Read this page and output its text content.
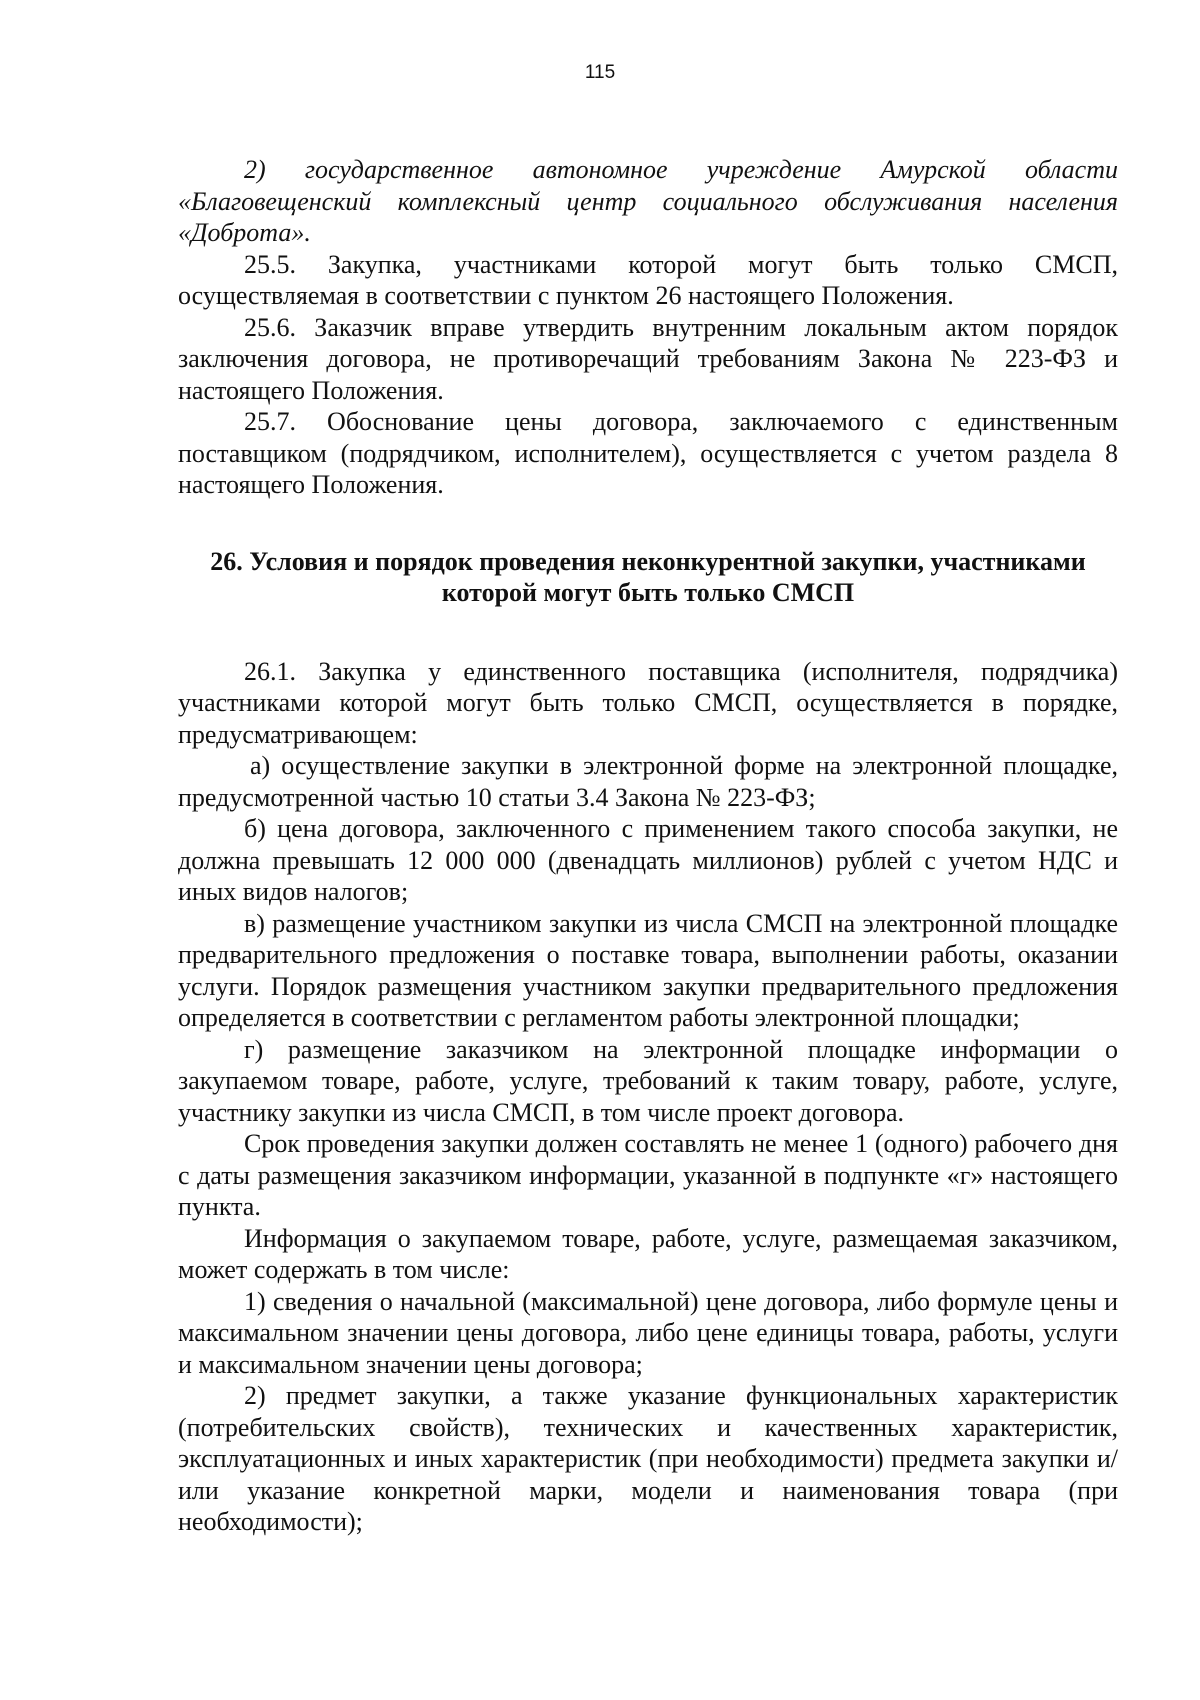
115

2) государственное автономное учреждение Амурской области «Благовещенский комплексный центр социального обслуживания населения «Доброта».

25.5. Закупка, участниками которой могут быть только СМСП, осуществляемая в соответствии с пунктом 26 настоящего Положения.

25.6. Заказчик вправе утвердить внутренним локальным актом порядок заключения договора, не противоречащий требованиям Закона № 223-ФЗ и настоящего Положения.

25.7. Обоснование цены договора, заключаемого с единственным поставщиком (подрядчиком, исполнителем), осуществляется с учетом раздела 8 настоящего Положения.

26. Условия и порядок проведения неконкурентной закупки, участниками которой могут быть только СМСП

26.1. Закупка у единственного поставщика (исполнителя, подрядчика) участниками которой могут быть только СМСП, осуществляется в порядке, предусматривающем:

а) осуществление закупки в электронной форме на электронной площадке, предусмотренной частью 10 статьи 3.4 Закона № 223-ФЗ;

б) цена договора, заключенного с применением такого способа закупки, не должна превышать 12 000 000 (двенадцать миллионов) рублей с учетом НДС и иных видов налогов;

в) размещение участником закупки из числа СМСП на электронной площадке предварительного предложения о поставке товара, выполнении работы, оказании услуги. Порядок размещения участником закупки предварительного предложения определяется в соответствии с регламентом работы электронной площадки;

г) размещение заказчиком на электронной площадке информации о закупаемом товаре, работе, услуге, требований к таким товару, работе, услуге, участнику закупки из числа СМСП, в том числе проект договора.

Срок проведения закупки должен составлять не менее 1 (одного) рабочего дня с даты размещения заказчиком информации, указанной в подпункте «г» настоящего пункта.

Информация о закупаемом товаре, работе, услуге, размещаемая заказчиком, может содержать в том числе:

1) сведения о начальной (максимальной) цене договора, либо формуле цены и максимальном значении цены договора, либо цене единицы товара, работы, услуги и максимальном значении цены договора;

2) предмет закупки, а также указание функциональных характеристик (потребительских свойств), технических и качественных характеристик, эксплуатационных и иных характеристик (при необходимости) предмета закупки и/или указание конкретной марки, модели и наименования товара (при необходимости);
